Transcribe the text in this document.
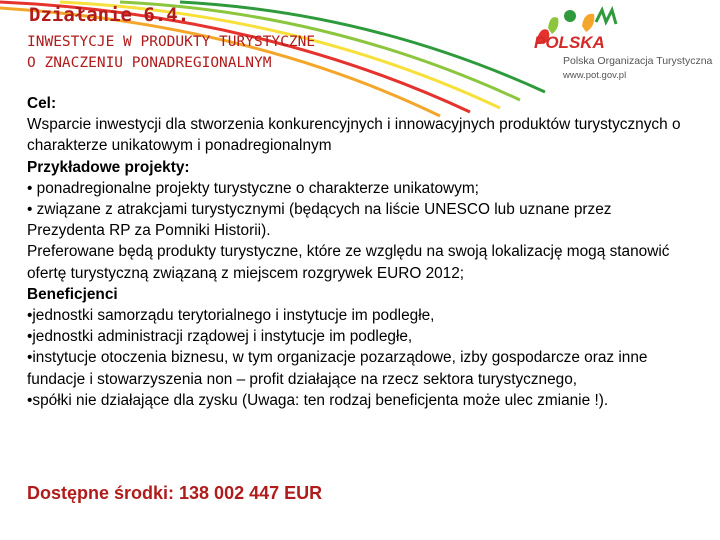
Działanie 6.4.
INWESTYCJE W PRODUKTY TURYSTYCZNE
O ZNACZENIU PONADREGIONALNYM
POLSKA
Polska Organizacja Turystyczna
www.pot.gov.pl

Cel:

Wsparcie inwestycji dla stworzenia konkurencyjnych i innowacyjnych produktów turystycznych o charakterze unikatowym i ponadregionalnym

Przykładowe projekty:

• ponadregionalne projekty turystyczne o charakterze unikatowym;

• związane z atrakcjami turystycznymi (będących na liście UNESCO lub uznane przez Prezydenta RP za Pomniki Historii).

Preferowane będą produkty turystyczne, które ze względu na swoją lokalizację mogą stanowić ofertę turystyczną związaną z miejscem rozgrywek EURO 2012;

Beneficjenci

•jednostki samorządu terytorialnego i instytucje im podległe,

•jednostki administracji rządowej i instytucje im podległe,

•instytucje otoczenia biznesu, w tym organizacje pozarządowe, izby gospodarcze oraz inne fundacje i stowarzyszenia non – profit działające na rzecz sektora turystycznego,

•spółki nie działające dla zysku (Uwaga: ten rodzaj beneficjenta może ulec zmianie !).

Dostępne środki: 138 002 447 EUR
